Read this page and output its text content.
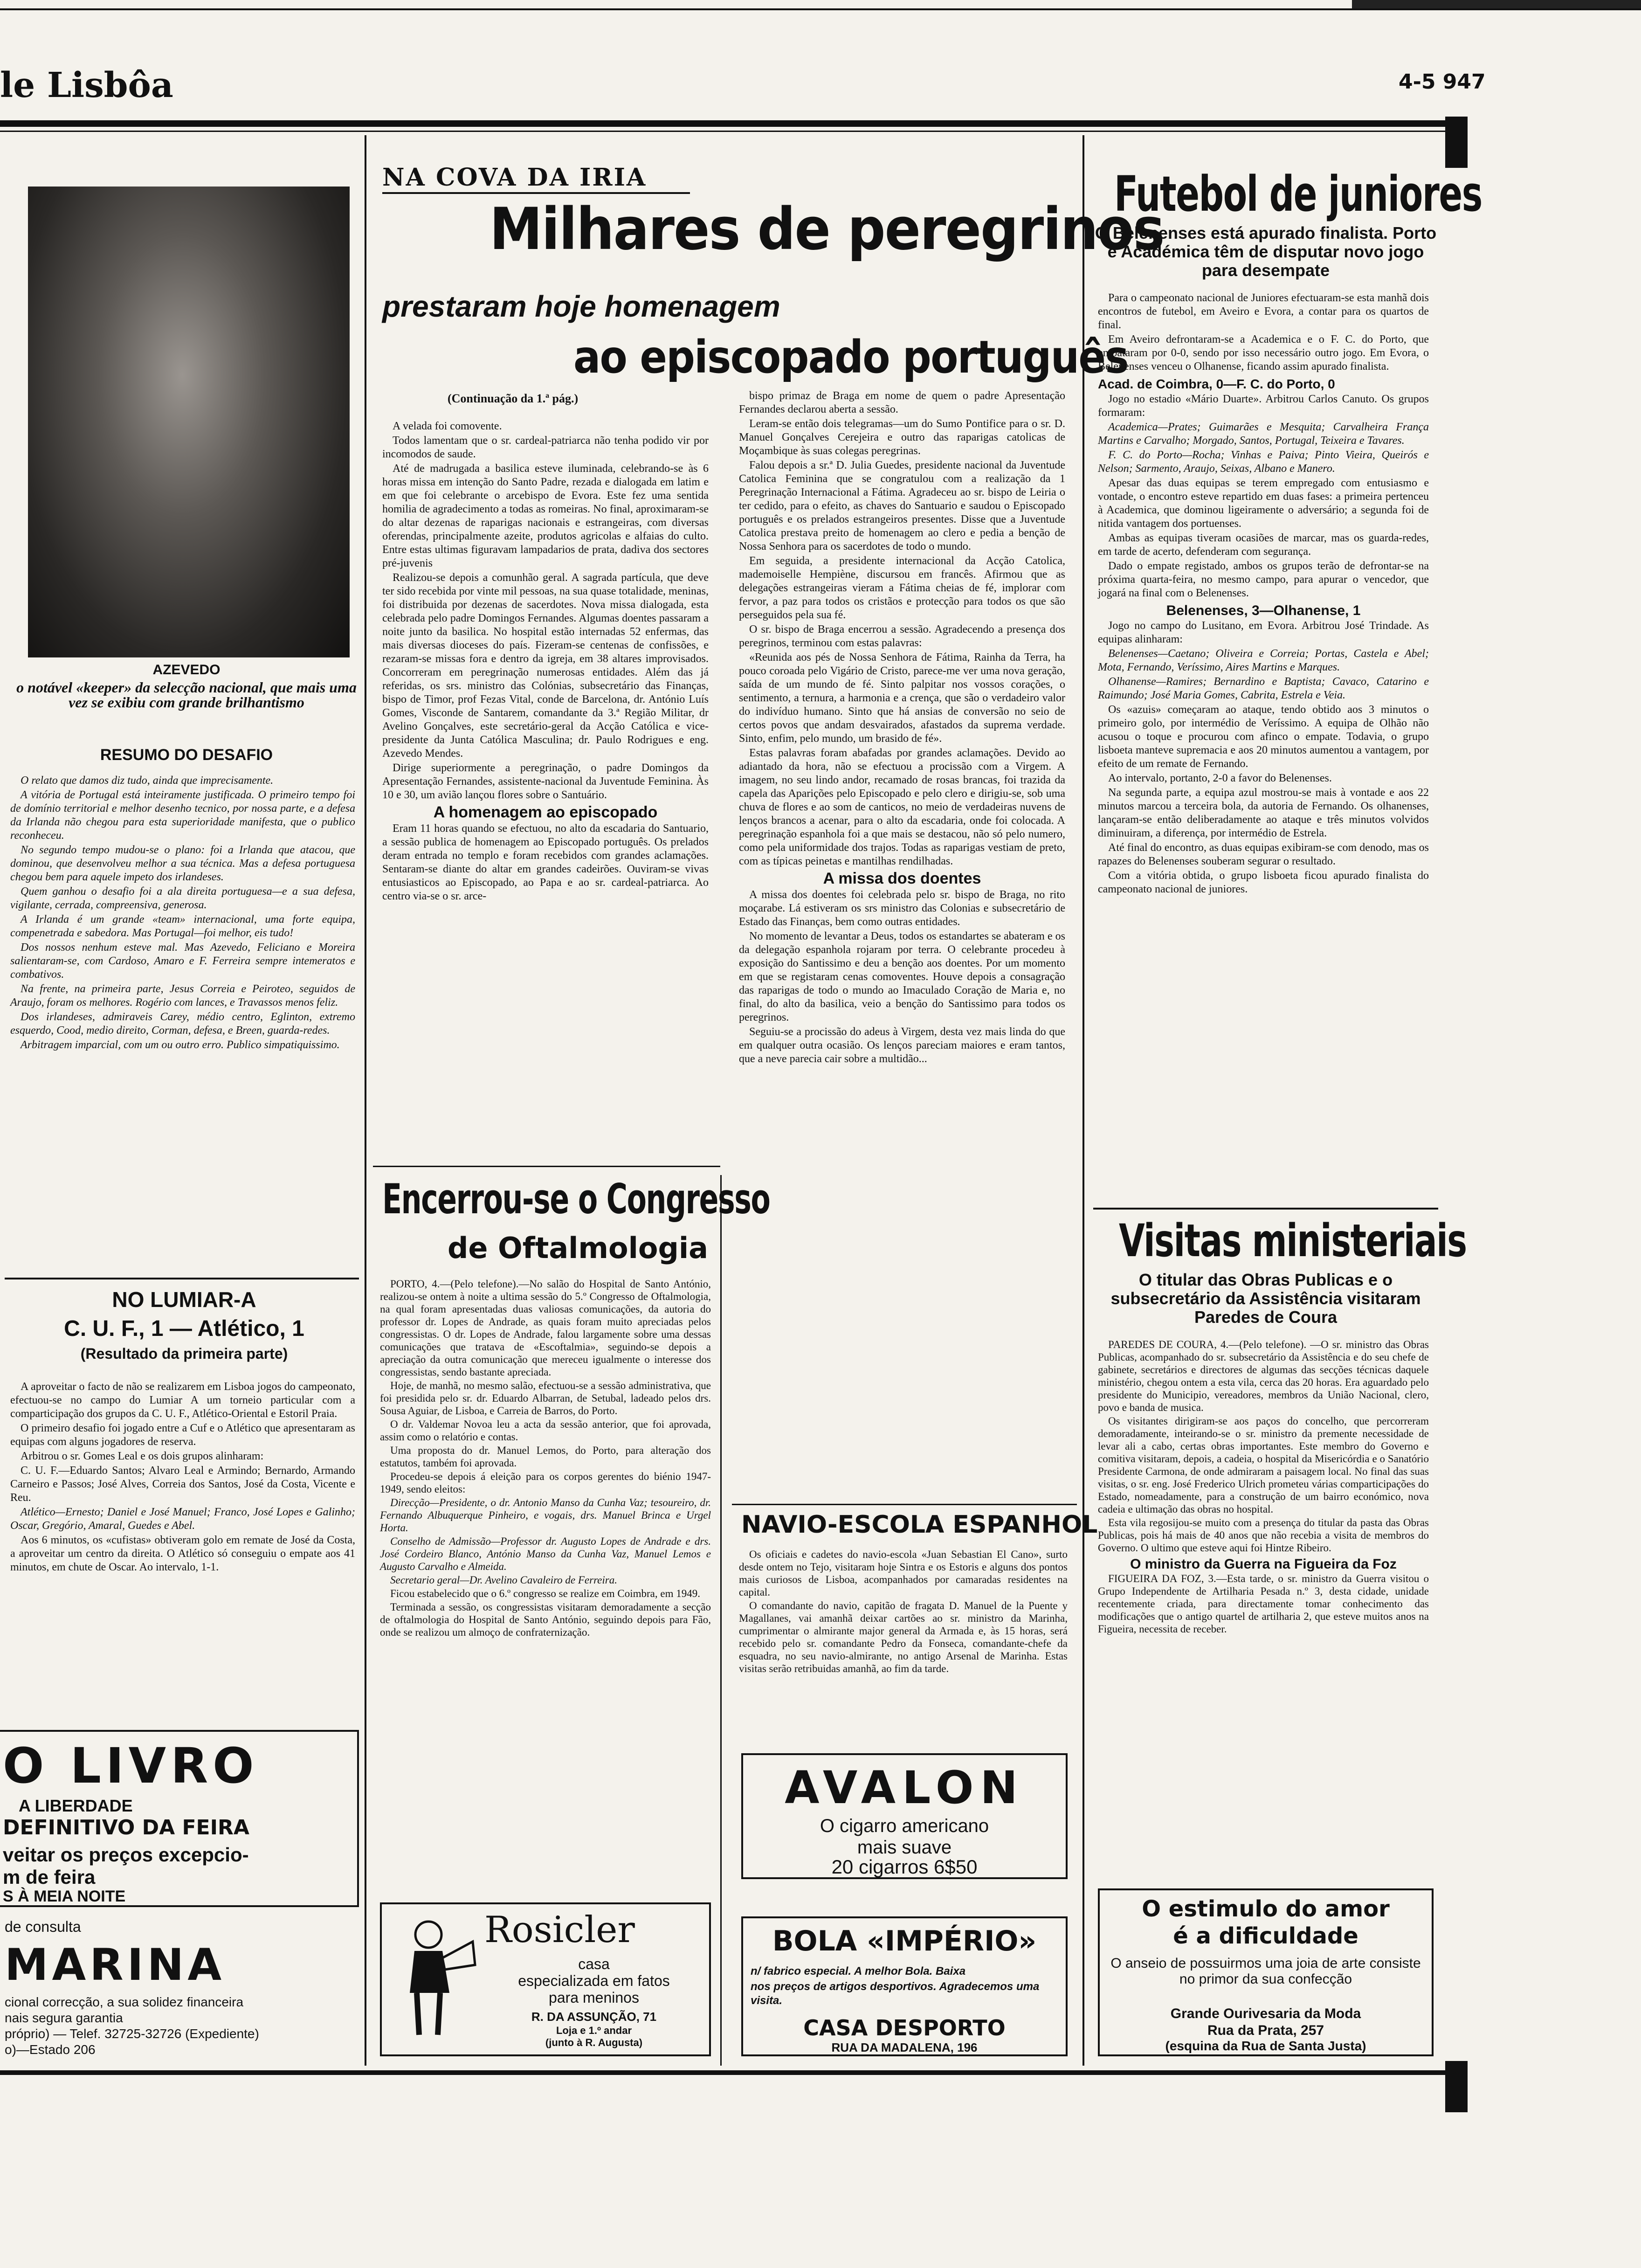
le Lisbôa	4-5 947
AZEVEDO
o notável «keeper» da selecção nacional, que mais uma vez se exibiu com grande brilhantismo
RESUMO DO DESAFIO

O relato que damos diz tudo, ainda que imprecisamente.

A vitória de Portugal está inteiramente justificada. O primeiro tempo foi de domínio territorial e melhor desenho tecnico, por nossa parte, e a defesa da Irlanda não chegou para esta superioridade manifesta, que o publico reconheceu.

No segundo tempo mudou-se o plano: foi a Irlanda que atacou, que dominou, que desenvolveu melhor a sua técnica. Mas a defesa portuguesa chegou bem para aquele impeto dos irlandeses.

Quem ganhou o desafio foi a ala direita portuguesa—e a sua defesa, vigilante, cerrada, compreensiva, generosa.

A Irlanda é um grande «team» internacional, uma forte equipa, compenetrada e sabedora. Mas Portugal—foi melhor, eis tudo!

Dos nossos nenhum esteve mal. Mas Azevedo, Feliciano e Moreira salientaram-se, com Cardoso, Amaro e F. Ferreira sempre intemeratos e combativos.

Na frente, na primeira parte, Jesus Correia e Peiroteo, seguidos de Araujo, foram os melhores. Rogério com lances, e Travassos menos feliz.

Dos irlandeses, admiraveis Carey, médio centro, Eglinton, extremo esquerdo, Cood, medio direito, Corman, defesa, e Breen, guarda-redes.

Arbitragem imparcial, com um ou outro erro. Publico simpatiquissimo.

NO LUMIAR-A
C. U. F., 1 — Atlético, 1
(Resultado da primeira parte)

A aproveitar o facto de não se realizarem em Lisboa jogos do campeonato, efectuou-se no campo do Lumiar A um torneio particular com a comparticipação dos grupos da C. U. F., Atlético-Oriental e Estoril Praia.

O primeiro desafio foi jogado entre a Cuf e o Atlético que apresentaram as equipas com alguns jogadores de reserva.

Arbitrou o sr. Gomes Leal e os dois grupos alinharam:

C. U. F.—Eduardo Santos; Alvaro Leal e Armindo; Bernardo, Armando Carneiro e Passos; José Alves, Correia dos Santos, José da Costa, Vicente e Reu.

Atlético—Ernesto; Daniel e José Manuel; Franco, José Lopes e Galinho; Oscar, Gregório, Amaral, Guedes e Abel.

Aos 6 minutos, os «cufistas» obtiveram golo em remate de José da Costa, a aproveitar um centro da direita. O Atlético só conseguiu o empate aos 41 minutos, em chute de Oscar. Ao intervalo, 1-1.

O LIVRO
A LIBERDADE
DEFINITIVO DA FEIRA
veitar os preços excepcio-
m de feira
S À MEIA NOITE
de consulta
MARINA
cional correcção, a sua solidez financeira
nais segura garantia
próprio) — Telef. 32725-32726 (Expediente)
o)—Estado 206
NA COVA DA IRIA
Milhares de peregrinos
prestaram hoje homenagem
ao episcopado português
(Continuação da 1.ª pág.)

A velada foi comovente.

Todos lamentam que o sr. cardeal-patriarca não tenha podido vir por incomodos de saude.

Até de madrugada a basilica esteve iluminada, celebrando-se às 6 horas missa em intenção do Santo Padre, rezada e dialogada em latim e em que foi celebrante o arcebispo de Evora. Este fez uma sentida homilia de agradecimento a todas as romeiras. No final, aproximaram-se do altar dezenas de raparigas nacionais e estrangeiras, com diversas oferendas, principalmente azeite, produtos agricolas e alfaias do culto. Entre estas ultimas figuravam lampadarios de prata, dadiva dos sectores pré-juvenis

Realizou-se depois a comunhão geral. A sagrada partícula, que deve ter sido recebida por vinte mil pessoas, na sua quase totalidade, meninas, foi distribuida por dezenas de sacerdotes. Nova missa dialogada, esta celebrada pelo padre Domingos Fernandes. Algumas doentes passaram a noite junto da basilica. No hospital estão internadas 52 enfermas, das mais diversas dioceses do país. Fizeram-se centenas de confissões, e rezaram-se missas fora e dentro da igreja, em 38 altares improvisados. Concorreram em peregrinação numerosas entidades. Além das já referidas, os srs. ministro das Colónias, subsecretário das Finanças, bispo de Timor, prof Fezas Vital, conde de Barcelona, dr. António Luís Gomes, Visconde de Santarem, comandante da 3.ª Região Militar, dr Avelino Gonçalves, este secretário-geral da Acção Católica e vice-presidente da Junta Católica Masculina; dr. Paulo Rodrigues e eng. Azevedo Mendes.

Dirige superiormente a peregrinação, o padre Domingos da Apresentação Fernandes, assistente-nacional da Juventude Feminina. Às 10 e 30, um avião lançou flores sobre o Santuário.

A homenagem ao episcopado

Eram 11 horas quando se efectuou, no alto da escadaria do Santuario, a sessão publica de homenagem ao Episcopado português. Os prelados deram entrada no templo e foram recebidos com grandes aclamações. Sentaram-se diante do altar em grandes cadeirões. Ouviram-se vivas entusiasticos ao Episcopado, ao Papa e ao sr. cardeal-patriarca. Ao centro via-se o sr. arce-

bispo primaz de Braga em nome de quem o padre Apresentação Fernandes declarou aberta a sessão.

Leram-se então dois telegramas—um do Sumo Pontifice para o sr. D. Manuel Gonçalves Cerejeira e outro das raparigas catolicas de Moçambique às suas colegas peregrinas.

Falou depois a sr.ª D. Julia Guedes, presidente nacional da Juventude Catolica Feminina que se congratulou com a realização da 1 Peregrinação Internacional a Fátima. Agradeceu ao sr. bispo de Leiria o ter cedido, para o efeito, as chaves do Santuario e saudou o Episcopado português e os prelados estrangeiros presentes. Disse que a Juventude Catolica prestava preito de homenagem ao clero e pedia a benção de Nossa Senhora para os sacerdotes de todo o mundo.

Em seguida, a presidente internacional da Acção Catolica, mademoiselle Hempiène, discursou em francês. Afirmou que as delegações estrangeiras vieram a Fátima cheias de fé, implorar com fervor, a paz para todos os cristãos e protecção para todos os que são perseguidos pela sua fé.

O sr. bispo de Braga encerrou a sessão. Agradecendo a presença dos peregrinos, terminou com estas palavras:

«Reunida aos pés de Nossa Senhora de Fátima, Rainha da Terra, ha pouco coroada pelo Vigário de Cristo, parece-me ver uma nova geração, saída de um mundo de fé. Sinto palpitar nos vossos corações, o sentimento, a ternura, a harmonia e a crença, que são o verdadeiro valor do indivíduo humano. Sinto que há ansias de conversão no seio de certos povos que andam desvairados, afastados da suprema verdade. Sinto, enfim, pelo mundo, um brasido de fé».

Estas palavras foram abafadas por grandes aclamações. Devido ao adiantado da hora, não se efectuou a procissão com a Virgem. A imagem, no seu lindo andor, recamado de rosas brancas, foi trazida da capela das Aparições pelo Episcopado e pelo clero e dirigiu-se, sob uma chuva de flores e ao som de canticos, no meio de verdadeiras nuvens de lenços brancos a acenar, para o alto da escadaria, onde foi colocada. A peregrinação espanhola foi a que mais se destacou, não só pelo numero, como pela uniformidade dos trajos. Todas as raparigas vestiam de preto, com as típicas peinetas e mantilhas rendilhadas.

A missa dos doentes

A missa dos doentes foi celebrada pelo sr. bispo de Braga, no rito moçarabe. Lá estiveram os srs ministro das Colonias e subsecretário de Estado das Finanças, bem como outras entidades.

No momento de levantar a Deus, todos os estandartes se abateram e os da delegação espanhola rojaram por terra. O celebrante procedeu à exposição do Santissimo e deu a benção aos doentes. Por um momento em que se registaram cenas comoventes. Houve depois a consagração das raparigas de todo o mundo ao Imaculado Coração de Maria e, no final, do alto da basilica, veio a benção do Santissimo para todos os peregrinos.

Seguiu-se a procissão do adeus à Virgem, desta vez mais linda do que em qualquer outra ocasião. Os lenços pareciam maiores e eram tantos, que a neve parecia cair sobre a multidão...

Encerrou-se o Congresso
de Oftalmologia

PORTO, 4.—(Pelo telefone).—No salão do Hospital de Santo António, realizou-se ontem à noite a ultima sessão do 5.º Congresso de Oftalmologia, na qual foram apresentadas duas valiosas comunicações, da autoria do professor dr. Lopes de Andrade, as quais foram muito apreciadas pelos congressistas. O dr. Lopes de Andrade, falou largamente sobre uma dessas comunicações que tratava de «Escoftalmia», seguindo-se depois a apreciação da outra comunicação que mereceu igualmente o interesse dos congressistas, sendo bastante apreciada.

Hoje, de manhã, no mesmo salão, efectuou-se a sessão administrativa, que foi presidida pelo sr. dr. Eduardo Albarran, de Setubal, ladeado pelos drs. Sousa Aguiar, de Lisboa, e Carreia de Barros, do Porto.

O dr. Valdemar Novoa leu a acta da sessão anterior, que foi aprovada, assim como o relatório e contas.

Uma proposta do dr. Manuel Lemos, do Porto, para alteração dos estatutos, também foi aprovada.

Procedeu-se depois á eleição para os corpos gerentes do biénio 1947-1949, sendo eleitos:

Direcção—Presidente, o dr. Antonio Manso da Cunha Vaz; tesoureiro, dr. Fernando Albuquerque Pinheiro, e vogais, drs. Manuel Brinca e Urgel Horta.

Conselho de Admissão—Professor dr. Augusto Lopes de Andrade e drs. José Cordeiro Blanco, António Manso da Cunha Vaz, Manuel Lemos e Augusto Carvalho e Almeida.

Secretario geral—Dr. Avelino Cavaleiro de Ferreira.

Ficou estabelecido que o 6.º congresso se realize em Coimbra, em 1949.

Terminada a sessão, os congressistas visitaram demoradamente a secção de oftalmologia do Hospital de Santo António, seguindo depois para Fão, onde se realizou um almoço de confraternização.

Rosicler
casa
especializada em fatos
para meninos
R. DA ASSUNÇÃO, 71
Loja e 1.º andar
(junto à R. Augusta)
NAVIO-ESCOLA ESPANHOL

Os oficiais e cadetes do navio-escola «Juan Sebastian El Cano», surto desde ontem no Tejo, visitaram hoje Sintra e os Estoris e alguns dos pontos mais curiosos de Lisboa, acompanhados por camaradas residentes na capital.

O comandante do navio, capitão de fragata D. Manuel de la Puente y Magallanes, vai amanhã deixar cartões ao sr. ministro da Marinha, cumprimentar o almirante major general da Armada e, às 15 horas, será recebido pelo sr. comandante Pedro da Fonseca, comandante-chefe da esquadra, no seu navio-almirante, no antigo Arsenal de Marinha. Estas visitas serão retribuidas amanhã, ao fim da tarde.

AVALON
O cigarro americano
mais suave
20 cigarros 6$50
BOLA «IMPÉRIO»
n/ fabrico especial. A melhor Bola. Baixa
nos preços de artigos desportivos. Agradecemos uma visita.
CASA DESPORTO
RUA DA MADALENA, 196
Futebol de juniores
O Belenenses está apurado finalista. Porto e Académica têm de disputar novo jogo para desempate

Para o campeonato nacional de Juniores efectuaram-se esta manhã dois encontros de futebol, em Aveiro e Evora, a contar para os quartos de final.

Em Aveiro defrontaram-se a Academica e o F. C. do Porto, que empataram por 0-0, sendo por isso necessário outro jogo. Em Evora, o Belenenses venceu o Olhanense, ficando assim apurado finalista.

Acad. de Coimbra, 0—F. C. do Porto, 0

Jogo no estadio «Mário Duarte». Arbitrou Carlos Canuto. Os grupos formaram:

Academica—Prates; Guimarães e Mesquita; Carvalheira França Martins e Carvalho; Morgado, Santos, Portugal, Teixeira e Tavares.

F. C. do Porto—Rocha; Vinhas e Paiva; Pinto Vieira, Queirós e Nelson; Sarmento, Araujo, Seixas, Albano e Manero.

Apesar das duas equipas se terem empregado com entusiasmo e vontade, o encontro esteve repartido em duas fases: a primeira pertenceu à Academica, que dominou ligeiramente o adversário; a segunda foi de nitida vantagem dos portuenses.

Ambas as equipas tiveram ocasiões de marcar, mas os guarda-redes, em tarde de acerto, defenderam com segurança.

Dado o empate registado, ambos os grupos terão de defrontar-se na próxima quarta-feira, no mesmo campo, para apurar o vencedor, que jogará na final com o Belenenses.

Belenenses, 3—Olhanense, 1

Jogo no campo do Lusitano, em Evora. Arbitrou José Trindade. As equipas alinharam:

Belenenses—Caetano; Oliveira e Correia; Portas, Castela e Abel; Mota, Fernando, Veríssimo, Aires Martins e Marques.

Olhanense—Ramires; Bernardino e Baptista; Cavaco, Catarino e Raimundo; José Maria Gomes, Cabrita, Estrela e Veia.

Os «azuis» começaram ao ataque, tendo obtido aos 3 minutos o primeiro golo, por intermédio de Veríssimo. A equipa de Olhão não acusou o toque e procurou com afinco o empate. Todavia, o grupo lisboeta manteve supremacia e aos 20 minutos aumentou a vantagem, por efeito de um remate de Fernando.

Ao intervalo, portanto, 2-0 a favor do Belenenses.

Na segunda parte, a equipa azul mostrou-se mais à vontade e aos 22 minutos marcou a terceira bola, da autoria de Fernando. Os olhanenses, lançaram-se então deliberadamente ao ataque e três minutos volvidos diminuiram, a diferença, por intermédio de Estrela.

Até final do encontro, as duas equipas exibiram-se com denodo, mas os rapazes do Belenenses souberam segurar o resultado.

Com a vitória obtida, o grupo lisboeta ficou apurado finalista do campeonato nacional de juniores.

Visitas ministeriais
O titular das Obras Publicas e o subsecretário da Assistência visitaram Paredes de Coura

PAREDES DE COURA, 4.—(Pelo telefone). —O sr. ministro das Obras Publicas, acompanhado do sr. subsecretário da Assistência e do seu chefe de gabinete, secretários e directores de algumas das secções técnicas daquele ministério, chegou ontem a esta vila, cerca das 20 horas. Era aguardado pelo presidente do Municipio, vereadores, membros da União Nacional, clero, povo e banda de musica.

Os visitantes dirigiram-se aos paços do concelho, que percorreram demoradamente, inteirando-se o sr. ministro da premente necessidade de levar ali a cabo, certas obras importantes. Este membro do Governo e comitiva visitaram, depois, a cadeia, o hospital da Misericórdia e o Sanatório Presidente Carmona, de onde admiraram a paisagem local. No final das suas visitas, o sr. eng. José Frederico Ulrich prometeu várias comparticipações do Estado, nomeadamente, para a construção de um bairro económico, nova cadeia e ultimação das obras no hospital.

Esta vila regosijou-se muito com a presença do titular da pasta das Obras Publicas, pois há mais de 40 anos que não recebia a visita de membros do Governo. O ultimo que esteve aqui foi Hintze Ribeiro.

O ministro da Guerra na Figueira da Foz

FIGUEIRA DA FOZ, 3.—Esta tarde, o sr. ministro da Guerra visitou o Grupo Independente de Artilharia Pesada n.º 3, desta cidade, unidade recentemente criada, para directamente tomar conhecimento das modificações que o antigo quartel de artilharia 2, que esteve muitos anos na Figueira, necessita de receber.

O estimulo do amor
é a dificuldade
O anseio de possuirmos uma joia de arte consiste no primor da sua confecção
Grande Ourivesaria da Moda
Rua da Prata, 257
(esquina da Rua de Santa Justa)
